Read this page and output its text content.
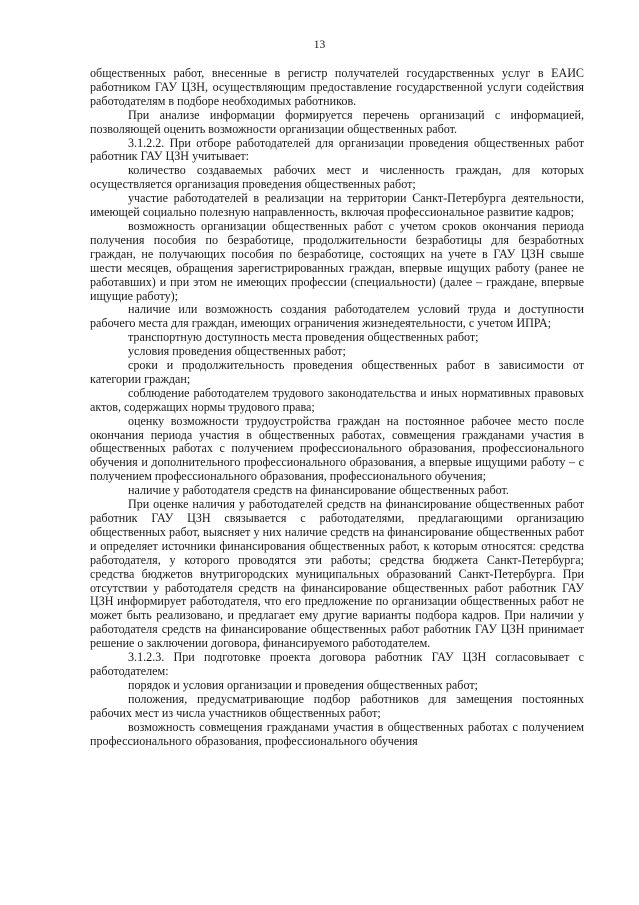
13

общественных работ, внесенные в регистр получателей государственных услуг в ЕАИС работником ГАУ ЦЗН, осуществляющим предоставление государственной услуги содействия работодателям в подборе необходимых работников.

При анализе информации формируется перечень организаций с информацией, позволяющей оценить возможности организации общественных работ.

3.1.2.2. При отборе работодателей для организации проведения общественных работ работник ГАУ ЦЗН учитывает:

количество создаваемых рабочих мест и численность граждан, для которых осуществляется организация проведения общественных работ;

участие работодателей в реализации на территории Санкт-Петербурга деятельности, имеющей социально полезную направленность, включая профессиональное развитие кадров;

возможность организации общественных работ с учетом сроков окончания периода получения пособия по безработице, продолжительности безработицы для безработных граждан, не получающих пособия по безработице, состоящих на учете в ГАУ ЦЗН свыше шести месяцев, обращения зарегистрированных граждан, впервые ищущих работу (ранее не работавших) и при этом не имеющих профессии (специальности) (далее – граждане, впервые ищущие работу);

наличие или возможность создания работодателем условий труда и доступности рабочего места для граждан, имеющих ограничения жизнедеятельности, с учетом ИПРА;

транспортную доступность места проведения общественных работ;

условия проведения общественных работ;

сроки и продолжительность проведения общественных работ в зависимости от категории граждан;

соблюдение работодателем трудового законодательства и иных нормативных правовых актов, содержащих нормы трудового права;

оценку возможности трудоустройства граждан на постоянное рабочее место после окончания периода участия в общественных работах, совмещения гражданами участия в общественных работах с получением профессионального образования, профессионального обучения и дополнительного профессионального образования, а впервые ищущими работу – с получением профессионального образования, профессионального обучения;

наличие у работодателя средств на финансирование общественных работ.

При оценке наличия у работодателей средств на финансирование общественных работ работник ГАУ ЦЗН связывается с работодателями, предлагающими организацию общественных работ, выясняет у них наличие средств на финансирование общественных работ и определяет источники финансирования общественных работ, к которым относятся: средства работодателя, у которого проводятся эти работы; средства бюджета Санкт-Петербурга; средства бюджетов внутригородских муниципальных образований Санкт-Петербурга. При отсутствии у работодателя средств на финансирование общественных работ работник ГАУ ЦЗН информирует работодателя, что его предложение по организации общественных работ не может быть реализовано, и предлагает ему другие варианты подбора кадров. При наличии у работодателя средств на финансирование общественных работ работник ГАУ ЦЗН принимает решение о заключении договора, финансируемого работодателем.

3.1.2.3. При подготовке проекта договора работник ГАУ ЦЗН согласовывает с работодателем:

порядок и условия организации и проведения общественных работ;

положения, предусматривающие подбор работников для замещения постоянных рабочих мест из числа участников общественных работ;

возможность совмещения гражданами участия в общественных работах с получением профессионального образования, профессионального обучения
